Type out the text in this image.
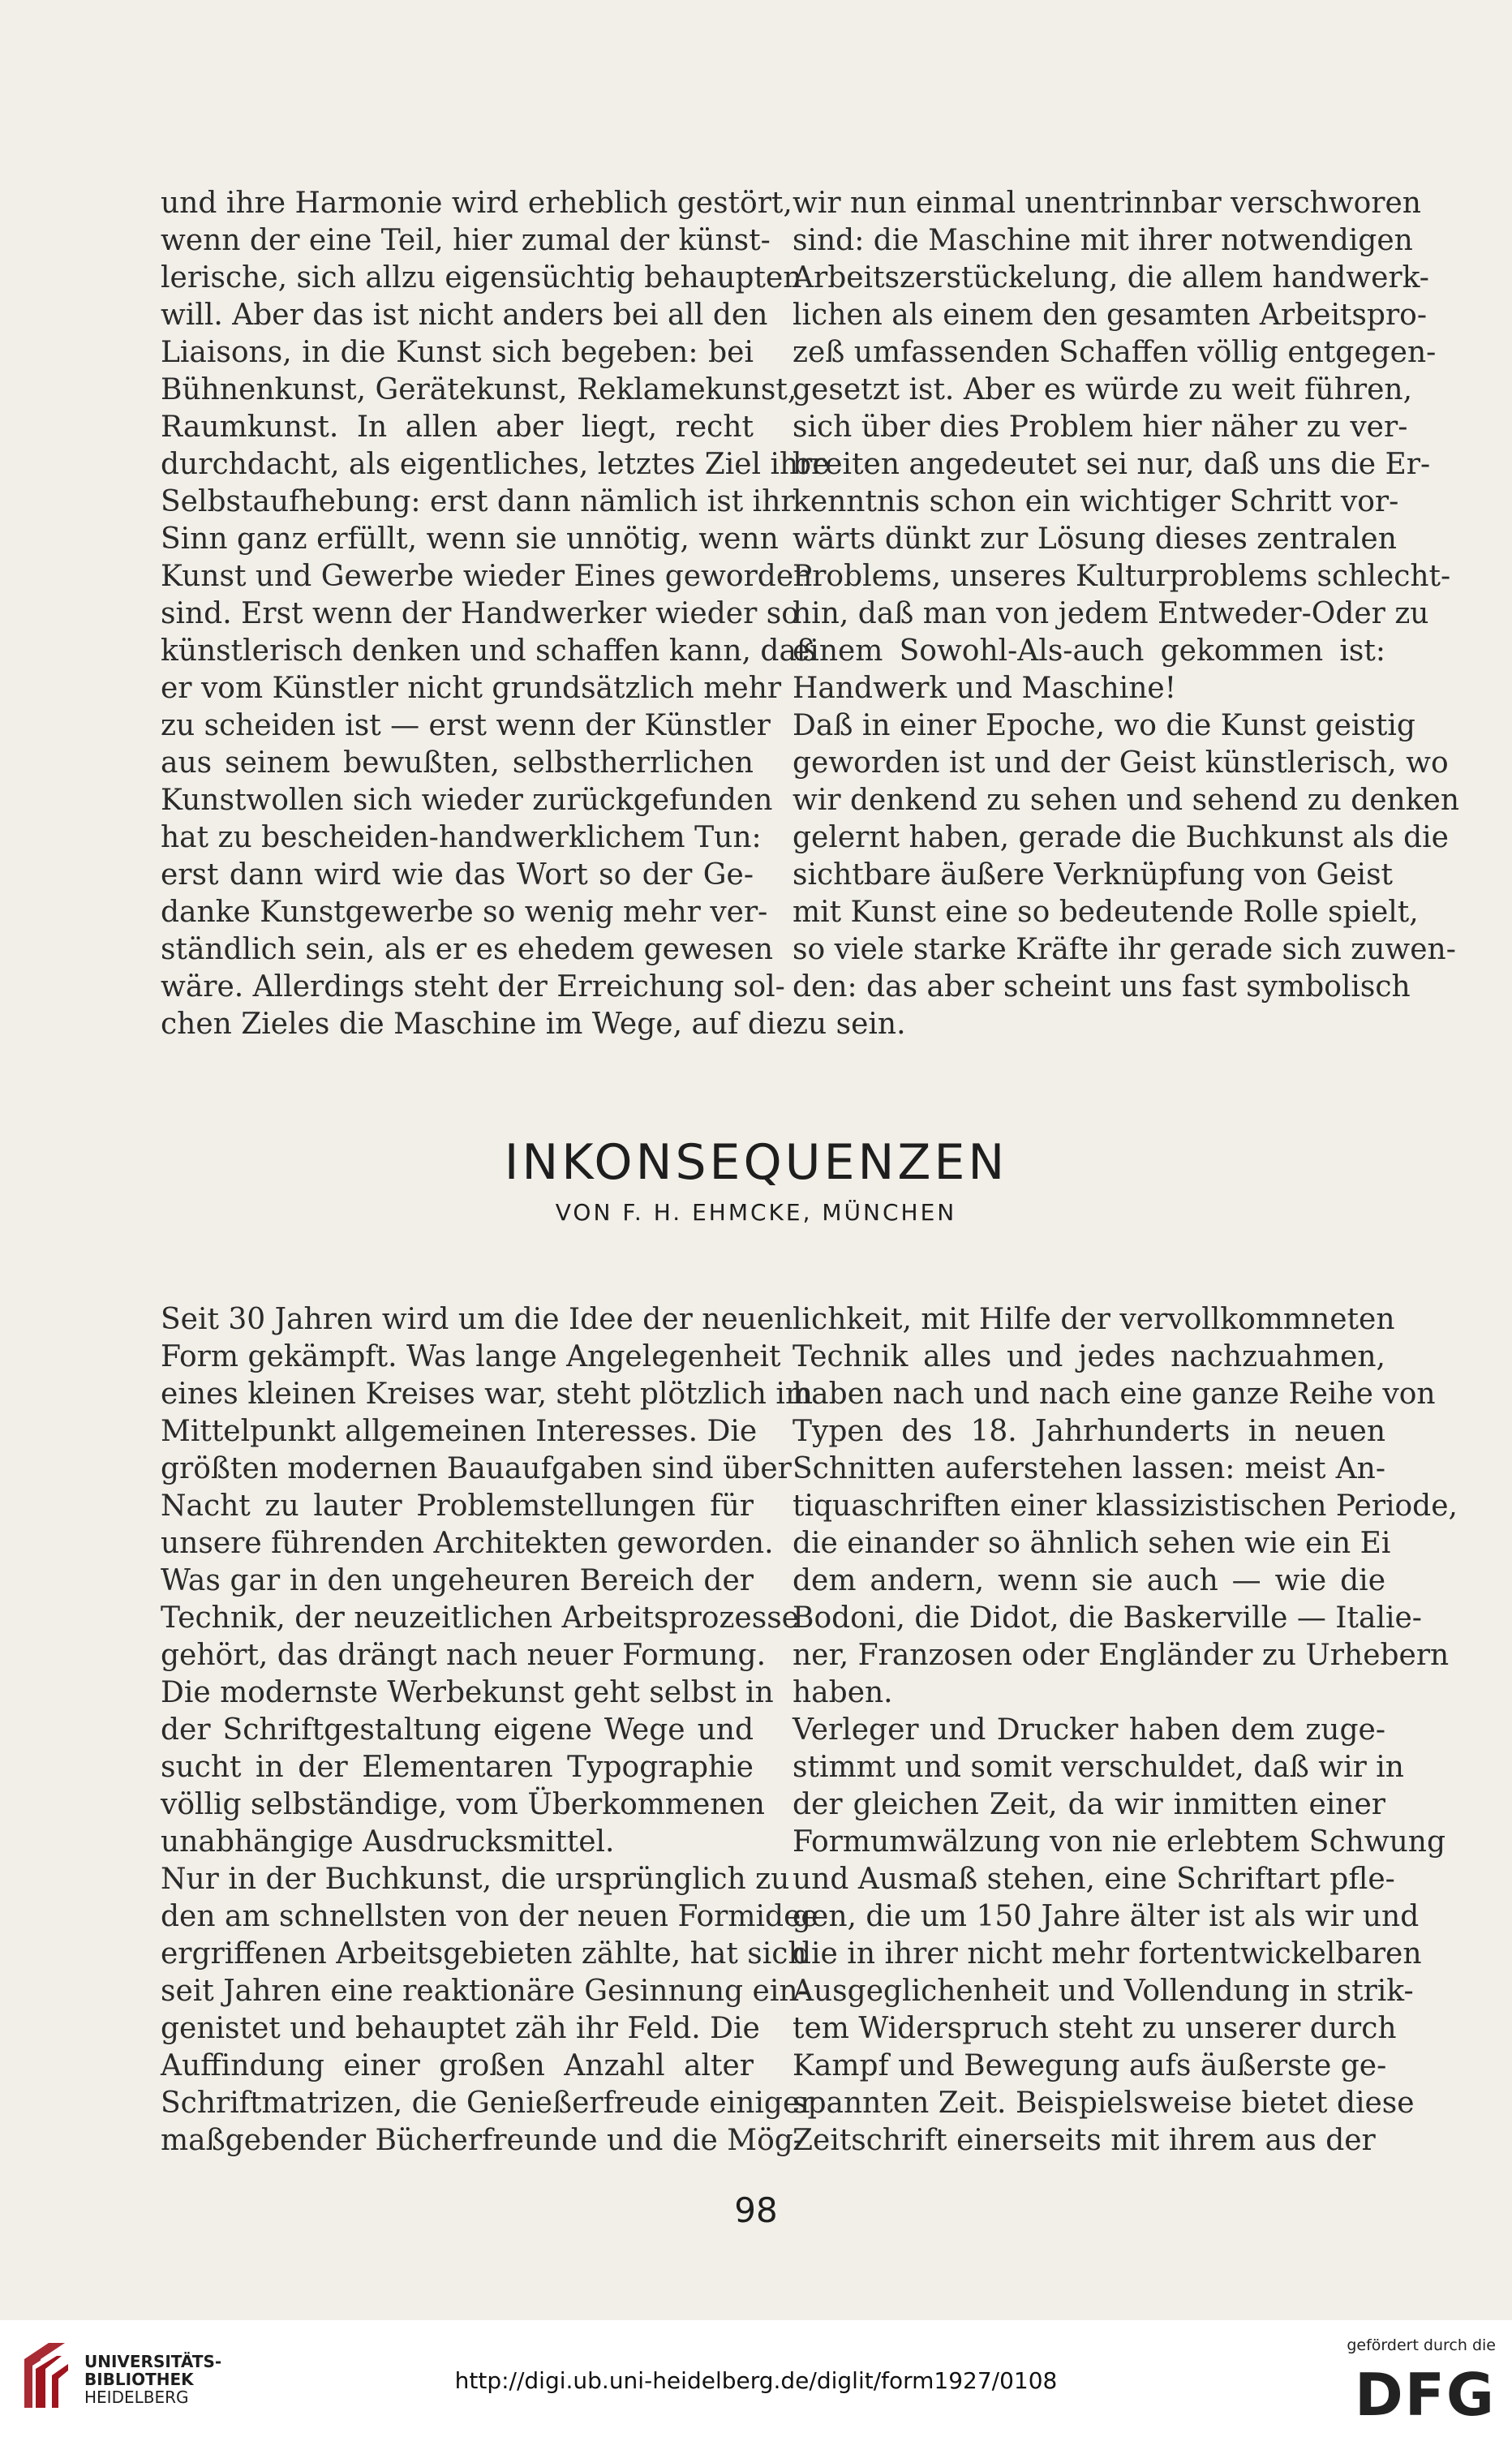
und ihre Harmonie wird erheblich gestört,
wenn der eine Teil, hier zumal der künst-
lerische, sich allzu eigensüchtig behaupten
will. Aber das ist nicht anders bei all den
Liaisons, in die Kunst sich begeben: bei
Bühnenkunst, Gerätekunst, Reklamekunst,
Raumkunst. In allen aber liegt, recht
durchdacht, als eigentliches, letztes Ziel ihre
Selbstaufhebung: erst dann nämlich ist ihr
Sinn ganz erfüllt, wenn sie unnötig, wenn
Kunst und Gewerbe wieder Eines geworden
sind. Erst wenn der Handwerker wieder so
künstlerisch denken und schaffen kann, daß
er vom Künstler nicht grundsätzlich mehr
zu scheiden ist — erst wenn der Künstler
aus seinem bewußten, selbstherrlichen
Kunstwollen sich wieder zurückgefunden
hat zu bescheiden-handwerklichem Tun:
erst dann wird wie das Wort so der Ge-
danke Kunstgewerbe so wenig mehr ver-
ständlich sein, als er es ehedem gewesen
wäre. Allerdings steht der Erreichung sol-
chen Zieles die Maschine im Wege, auf die

wir nun einmal unentrinnbar verschworen
sind: die Maschine mit ihrer notwendigen
Arbeitszerstückelung, die allem handwerk-
lichen als einem den gesamten Arbeitspro-
zeß umfassenden Schaffen völlig entgegen-
gesetzt ist. Aber es würde zu weit führen,
sich über dies Problem hier näher zu ver-
breiten angedeutet sei nur, daß uns die Er-
kenntnis schon ein wichtiger Schritt vor-
wärts dünkt zur Lösung dieses zentralen
Problems, unseres Kulturproblems schlecht-
hin, daß man von jedem Entweder-Oder zu
einem Sowohl-Als-auch gekommen ist:
Handwerk und Maschine!

Daß in einer Epoche, wo die Kunst geistig
geworden ist und der Geist künstlerisch, wo
wir denkend zu sehen und sehend zu denken
gelernt haben, gerade die Buchkunst als die
sichtbare äußere Verknüpfung von Geist
mit Kunst eine so bedeutende Rolle spielt,
so viele starke Kräfte ihr gerade sich zuwen-
den: das aber scheint uns fast symbolisch
zu sein.

INKONSEQUENZEN
VON F. H. EHMCKE, MÜNCHEN

Seit 30 Jahren wird um die Idee der neuen
Form gekämpft. Was lange Angelegenheit
eines kleinen Kreises war, steht plötzlich im
Mittelpunkt allgemeinen Interesses. Die
größten modernen Bauaufgaben sind über
Nacht zu lauter Problemstellungen für
unsere führenden Architekten geworden.
Was gar in den ungeheuren Bereich der
Technik, der neuzeitlichen Arbeitsprozesse
gehört, das drängt nach neuer Formung.
Die modernste Werbekunst geht selbst in
der Schriftgestaltung eigene Wege und
sucht in der Elementaren Typographie
völlig selbständige, vom Überkommenen
unabhängige Ausdrucksmittel.

Nur in der Buchkunst, die ursprünglich zu
den am schnellsten von der neuen Formidee
ergriffenen Arbeitsgebieten zählte, hat sich
seit Jahren eine reaktionäre Gesinnung ein-
genistet und behauptet zäh ihr Feld. Die
Auffindung einer großen Anzahl alter
Schriftmatrizen, die Genießerfreude einiger
maßgebender Bücherfreunde und die Mög-

lichkeit, mit Hilfe der vervollkommneten
Technik alles und jedes nachzuahmen,
haben nach und nach eine ganze Reihe von
Typen des 18. Jahrhunderts in neuen
Schnitten auferstehen lassen: meist An-
tiquaschriften einer klassizistischen Periode,
die einander so ähnlich sehen wie ein Ei
dem andern, wenn sie auch — wie die
Bodoni, die Didot, die Baskerville — Italie-
ner, Franzosen oder Engländer zu Urhebern
haben.

Verleger und Drucker haben dem zuge-
stimmt und somit verschuldet, daß wir in
der gleichen Zeit, da wir inmitten einer
Formumwälzung von nie erlebtem Schwung
und Ausmaß stehen, eine Schriftart pfle-
gen, die um 150 Jahre älter ist als wir und
die in ihrer nicht mehr fortentwickelbaren
Ausgeglichenheit und Vollendung in strik-
tem Widerspruch steht zu unserer durch
Kampf und Bewegung aufs äußerste ge-
spannten Zeit. Beispielsweise bietet diese
Zeitschrift einerseits mit ihrem aus der

98
UNIVERSITÄTS-
BIBLIOTHEK
HEIDELBERG
http://digi.ub.uni-heidelberg.de/diglit/form1927/0108
gefördert durch die
DFG
